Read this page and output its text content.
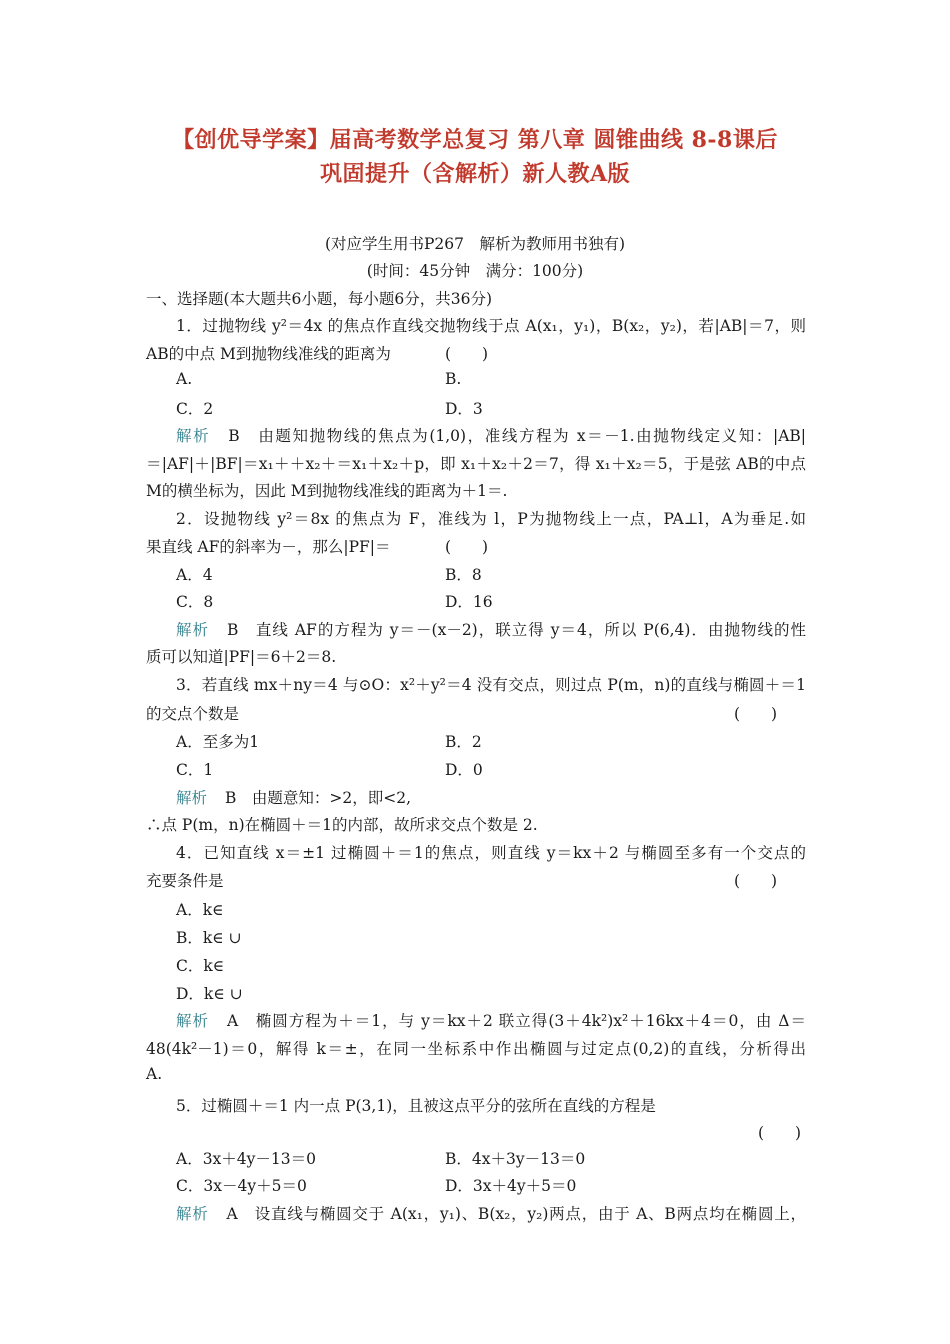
【创优导学案】届高考数学总复习 第八章 圆锥曲线 8-8课后
巩固提升（含解析）新人教A版
(对应学生用书P267　解析为教师用书独有)
(时间：45分钟　满分：100分)
一、选择题(本大题共6小题，每小题6分，共36分)
1．过抛物线 y²＝4x 的焦点作直线交抛物线于点 A(x₁，y₁)，B(x₂，y₂)，若|AB|＝7，则
AB的中点 M到抛物线准线的距离为	(　　)
A.	B.
C．2	D．3
解析 B　由题知抛物线的焦点为(1,0)，准线方程为 x＝－1.由抛物线定义知：|AB|
＝|AF|＋|BF|＝x₁＋＋x₂＋＝x₁＋x₂＋p，即 x₁＋x₂＋2＝7，得 x₁＋x₂＝5，于是弦 AB的中点
M的横坐标为，因此 M到抛物线准线的距离为＋1＝.
2．设抛物线 y²＝8x 的焦点为 F，准线为 l，P为抛物线上一点，PA⊥l，A为垂足.如
果直线 AF的斜率为－，那么|PF|＝	(　　)
A．4	B．8
C．8	D．16
解析 B　直线 AF的方程为 y＝－(x－2)，联立得 y＝4，所以 P(6,4)．由抛物线的性
质可以知道|PF|＝6＋2＝8.
3．若直线 mx＋ny＝4 与⊙O：x²＋y²＝4 没有交点，则过点 P(m，n)的直线与椭圆＋＝1
的交点个数是	(　　)
A．至多为1	B．2
C．1	D．0
解析 B　由题意知：>2，即<2,
∴点 P(m，n)在椭圆＋＝1的内部，故所求交点个数是 2.
4．已知直线 x＝±1 过椭圆＋＝1的焦点，则直线 y＝kx＋2 与椭圆至多有一个交点的
充要条件是	(　　)
A．k∈
B．k∈ ∪
C．k∈
D．k∈ ∪
解析 A　椭圆方程为＋＝1，与 y＝kx＋2 联立得(3＋4k²)x²＋16kx＋4＝0，由 Δ＝
48(4k²－1)＝0，解得 k＝±，在同一坐标系中作出椭圆与过定点(0,2)的直线，分析得出
A.
5．过椭圆＋＝1 内一点 P(3,1)，且被这点平分的弦所在直线的方程是
(　　)
A．3x＋4y－13＝0	B．4x＋3y－13＝0
C．3x－4y＋5＝0	D．3x＋4y＋5＝0
解析 A　设直线与椭圆交于 A(x₁，y₁)、B(x₂，y₂)两点，由于 A、B两点均在椭圆上，
